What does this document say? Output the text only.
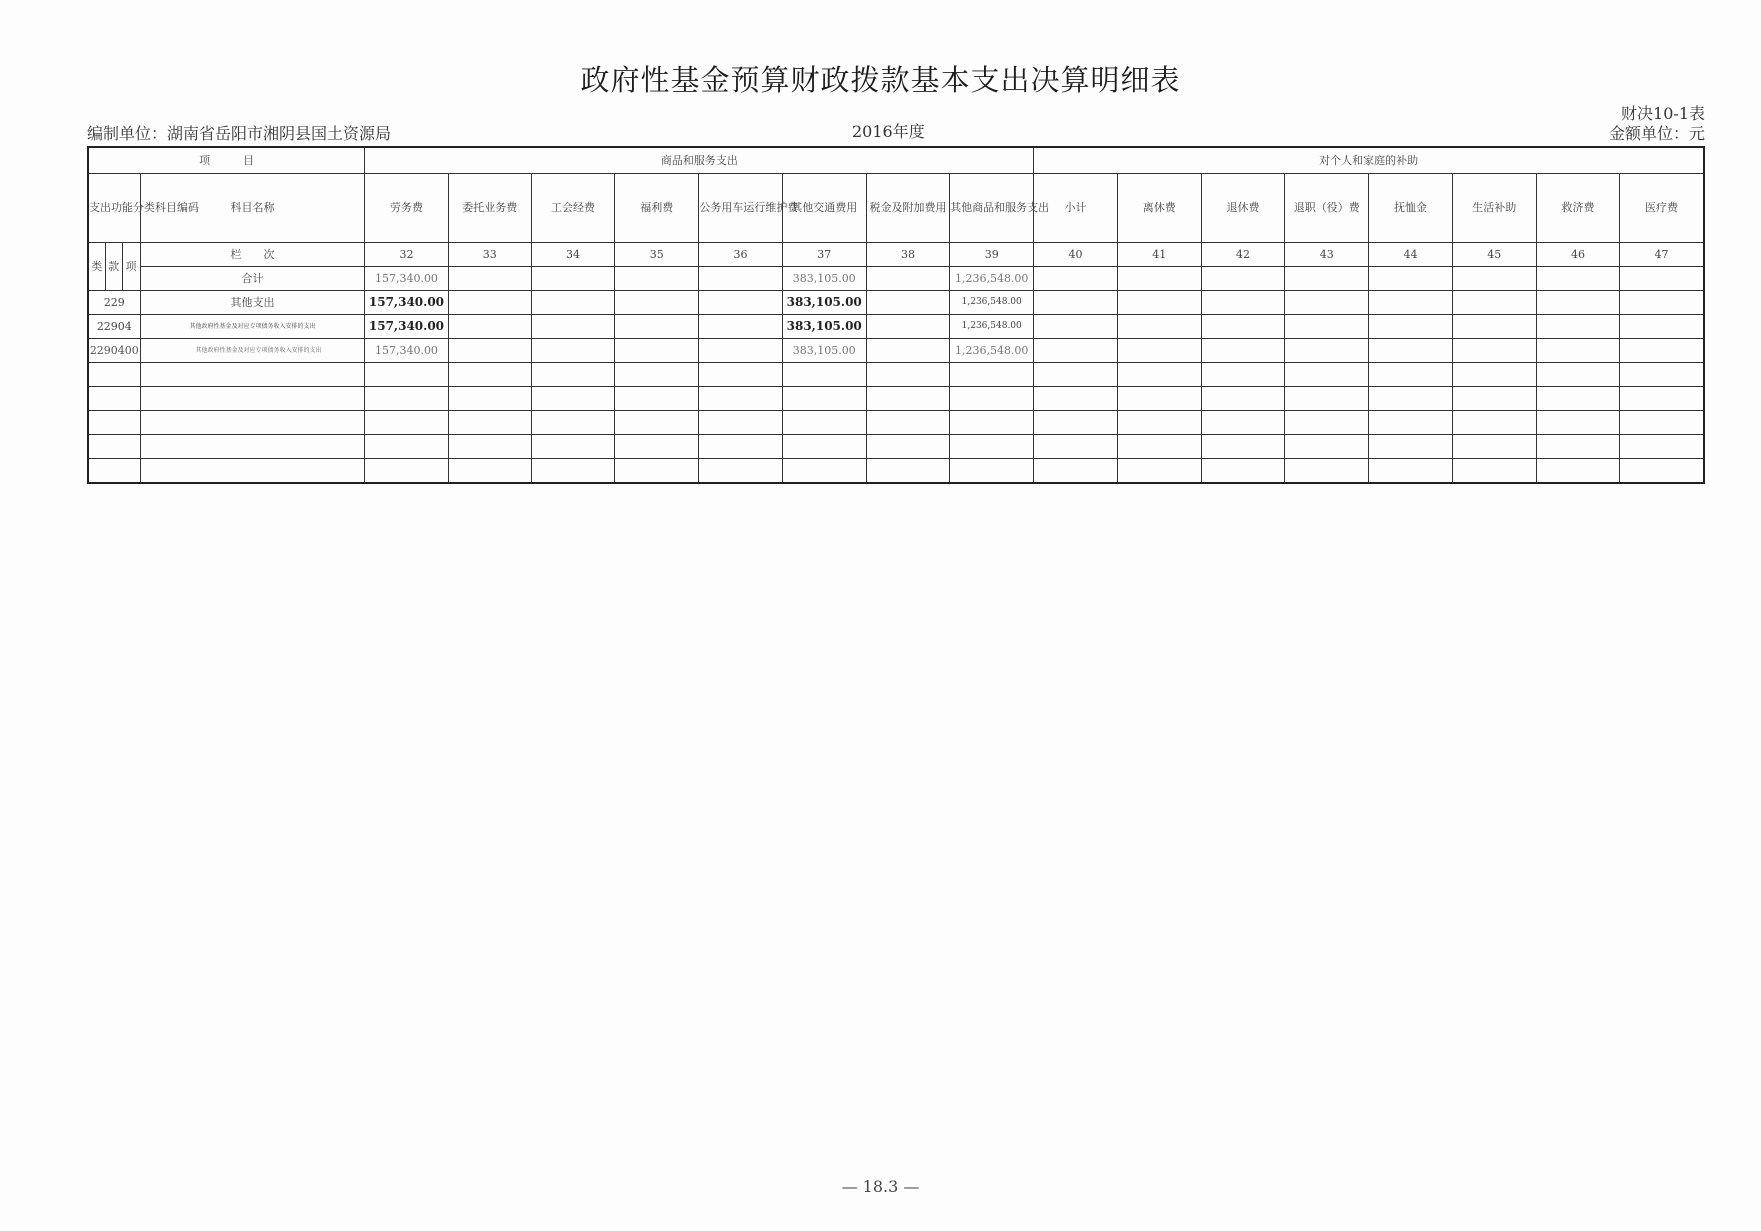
政府性基金预算财政拨款基本支出决算明细表
编制单位：湖南省岳阳市湘阴县国土资源局	2016年度
财决10-1表
金额单位：元
项　　　目				商品和服务支出								对个人和家庭的补助							
支出功能分类科目编码			科目名称	劳务费	委托业务费	工会经费	福利费	公务用车运行维护费	其他交通费用	税金及附加费用	其他商品和服务支出	小计	离休费	退休费	退职（役）费	抚恤金	生活补助	救济费	医疗费
类	款	项	栏　　次	32	33	34	35	36	37	38	39	40	41	42	43	44	45	46	47
			合计	157,340.00					383,105.00		1,236,548.00								
229			其他支出	157,340.00					383,105.00		1,236,548.00								
22904			其他政府性基金及对应专项债务收入安排的支出	157,340.00					383,105.00		1,236,548.00								
2290400			其他政府性基金及对应专项债务收入安排的支出	157,340.00					383,105.00		1,236,548.00								

— 18.3 —
